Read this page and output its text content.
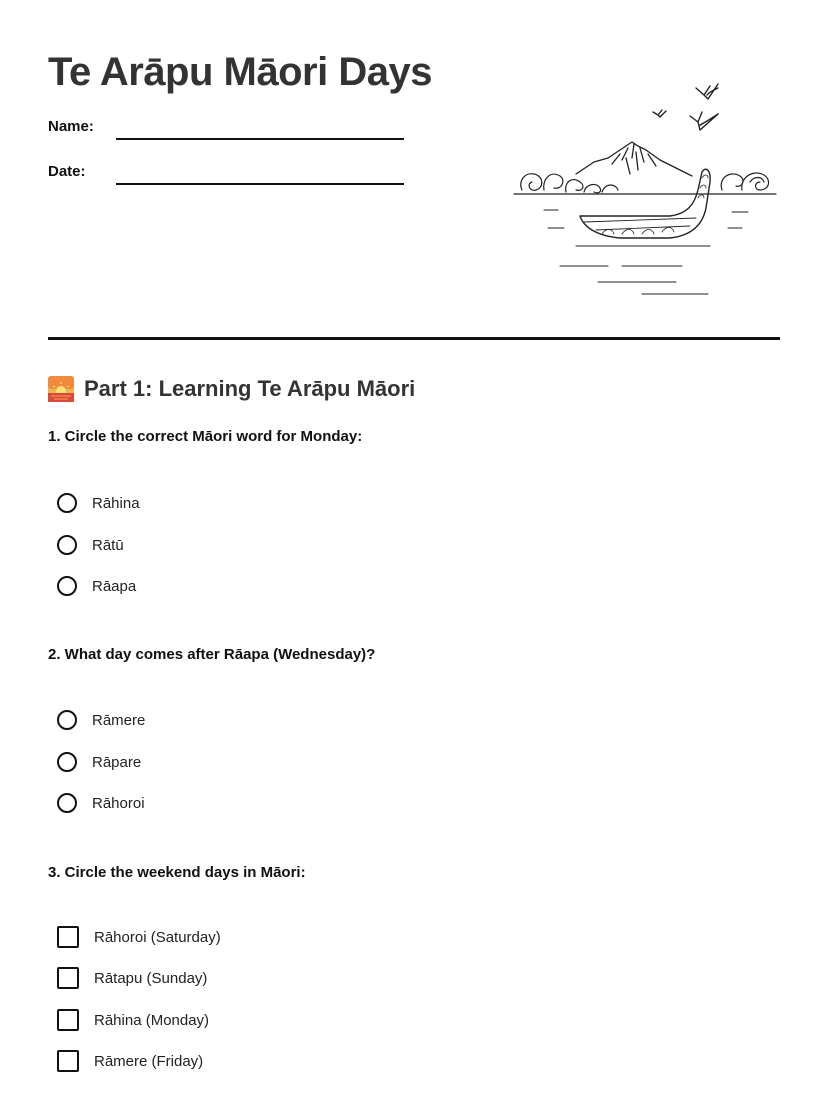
Te Arāpu Māori Days
Name:
Date:
Part 1: Learning Te Arāpu Māori

1. Circle the correct Māori word for Monday:

Rāhina
Rātū
Rāapa

2. What day comes after Rāapa (Wednesday)?

Rāmere
Rāpare
Rāhoroi

3. Circle the weekend days in Māori:

Rāhoroi (Saturday)
Rātapu (Sunday)
Rāhina (Monday)
Rāmere (Friday)
